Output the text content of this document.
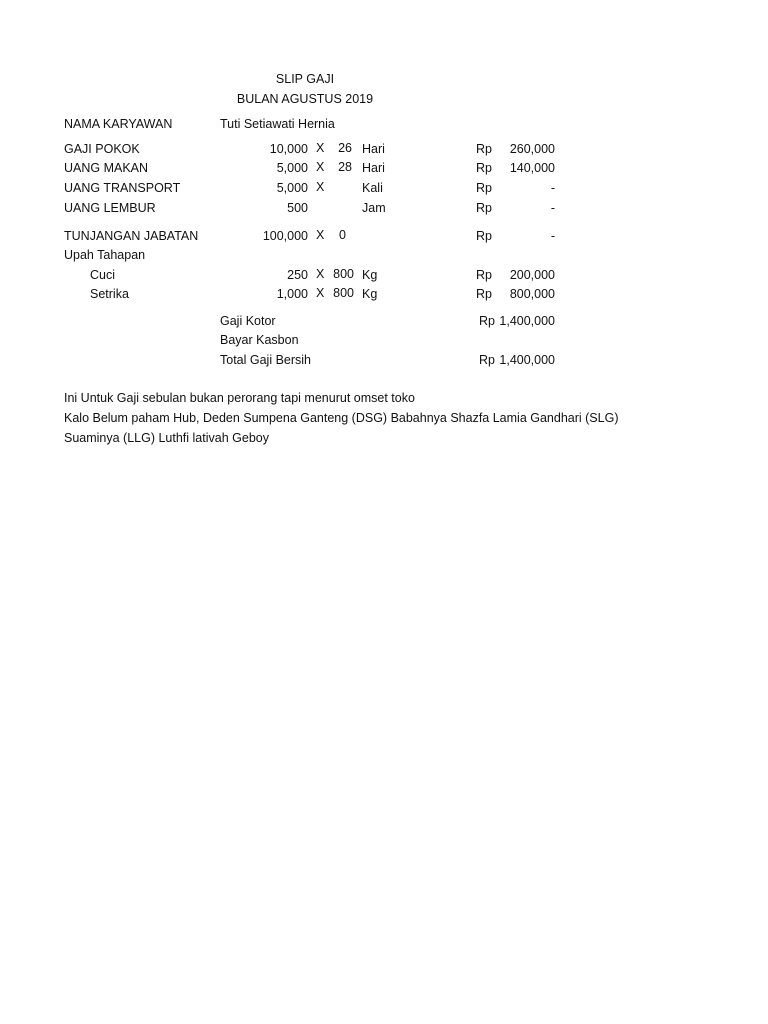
SLIP GAJI
BULAN AGUSTUS 2019
NAMA KARYAWAN	Tuti Setiawati Hernia
GAJI POKOK	10,000 X	26 Hari	Rp	260,000
UANG MAKAN	5,000 X	28 Hari	Rp	140,000
UANG TRANSPORT	5,000 X	Kali	Rp	-
UANG LEMBUR	500	Jam	Rp	-
TUNJANGAN JABATAN	100,000 X 0	Rp	-
Upah Tahapan
Cuci	250 X 800 Kg	Rp	200,000
Setrika	1,000 X 800 Kg	Rp	800,000
Gaji Kotor	Rp 1,400,000
Bayar Kasbon
Total Gaji Bersih	Rp 1,400,000
Ini Untuk Gaji sebulan bukan perorang tapi menurut omset toko
Kalo Belum paham Hub, Deden Sumpena Ganteng (DSG) Babahnya Shazfa Lamia Gandhari (SLG)
Suaminya (LLG) Luthfi lativah Geboy
